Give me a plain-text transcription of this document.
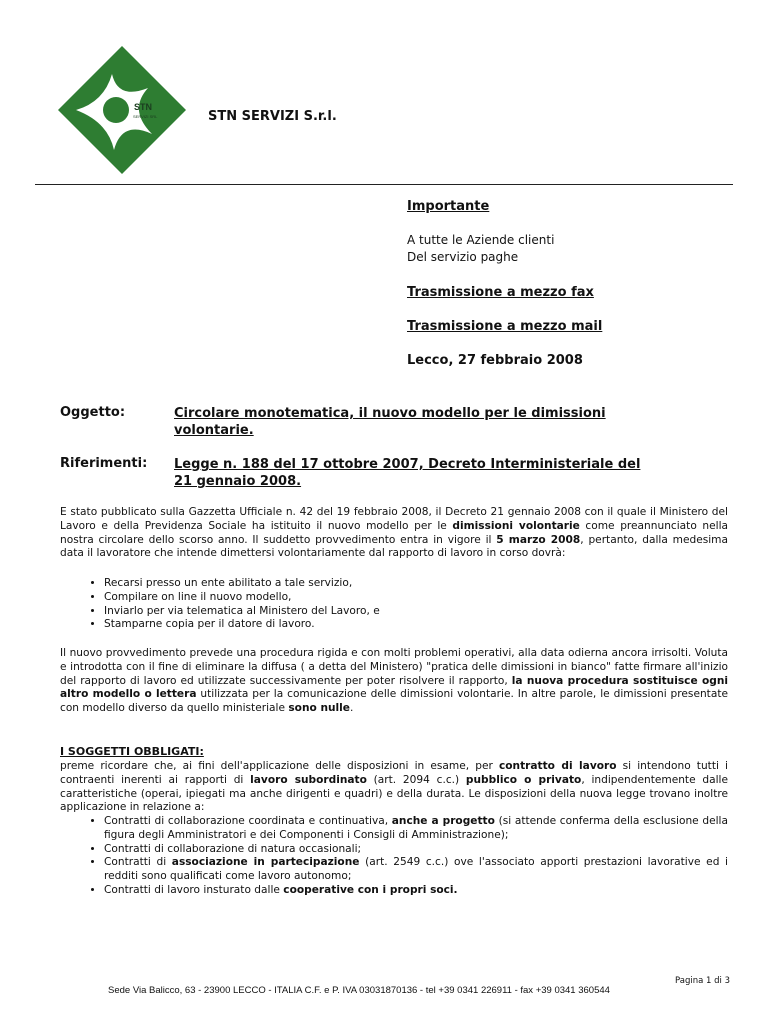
STN
SERVIZI SRL	STN SERVIZI S.r.l.
Importante
A tutte le Aziende clienti
Del servizio paghe
Trasmissione a mezzo fax
Trasmissione a mezzo mail
Lecco, 27 febbraio 2008
Oggetto:	Circolare monotematica, il nuovo modello per le dimissioni volontarie.
Riferimenti: Legge n. 188 del 17 ottobre 2007, Decreto Interministeriale del 21 gennaio 2008.
E stato pubblicato sulla Gazzetta Ufficiale n. 42 del 19 febbraio 2008, il Decreto 21 gennaio 2008 con il quale il Ministero del Lavoro e della Previdenza Sociale ha istituito il nuovo modello per le dimissioni volontarie come preannunciato nella nostra circolare dello scorso anno. Il suddetto provvedimento entra in vigore il 5 marzo 2008, pertanto, dalla medesima data il lavoratore che intende dimettersi volontariamente dal rapporto di lavoro in corso dovrà:
• Recarsi presso un ente abilitato a tale servizio,
• Compilare on line il nuovo modello,
• Inviarlo per via telematica al Ministero del Lavoro, e
• Stamparne copia per il datore di lavoro.
Il nuovo provvedimento prevede una procedura rigida e con molti problemi operativi, alla data odierna ancora irrisolti. Voluta e introdotta con il fine di eliminare la diffusa ( a detta del Ministero) "pratica delle dimissioni in bianco" fatte firmare all'inizio del rapporto di lavoro ed utilizzate successivamente per poter risolvere il rapporto, la nuova procedura sostituisce ogni altro modello o lettera utilizzata per la comunicazione delle dimissioni volontarie. In altre parole, le dimissioni presentate con modello diverso da quello ministeriale sono nulle.
I SOGGETTI OBBLIGATI:
preme ricordare che, ai fini dell'applicazione delle disposizioni in esame, per contratto di lavoro si intendono tutti i contraenti inerenti ai rapporti di lavoro subordinato (art. 2094 c.c.) pubblico o privato, indipendentemente dalle caratteristiche (operai, ipiegati ma anche dirigenti e quadri) e della durata. Le disposizioni della nuova legge trovano inoltre applicazione in relazione a:
• Contratti di collaborazione coordinata e continuativa, anche a progetto (si attende conferma della esclusione della figura degli Amministratori e dei Componenti i Consigli di Amministrazione);
• Contratti di collaborazione di natura occasionali;
• Contratti di associazione in partecipazione (art. 2549 c.c.) ove l'associato apporti prestazioni lavorative ed i redditi sono qualificati come lavoro autonomo;
• Contratti di lavoro insturato dalle cooperative con i propri soci.
Pagina 1 di 3
Sede Via Balicco, 63 - 23900 LECCO - ITALIA C.F. e P. IVA 03031870136 - tel +39 0341 226911 - fax +39 0341 360544
